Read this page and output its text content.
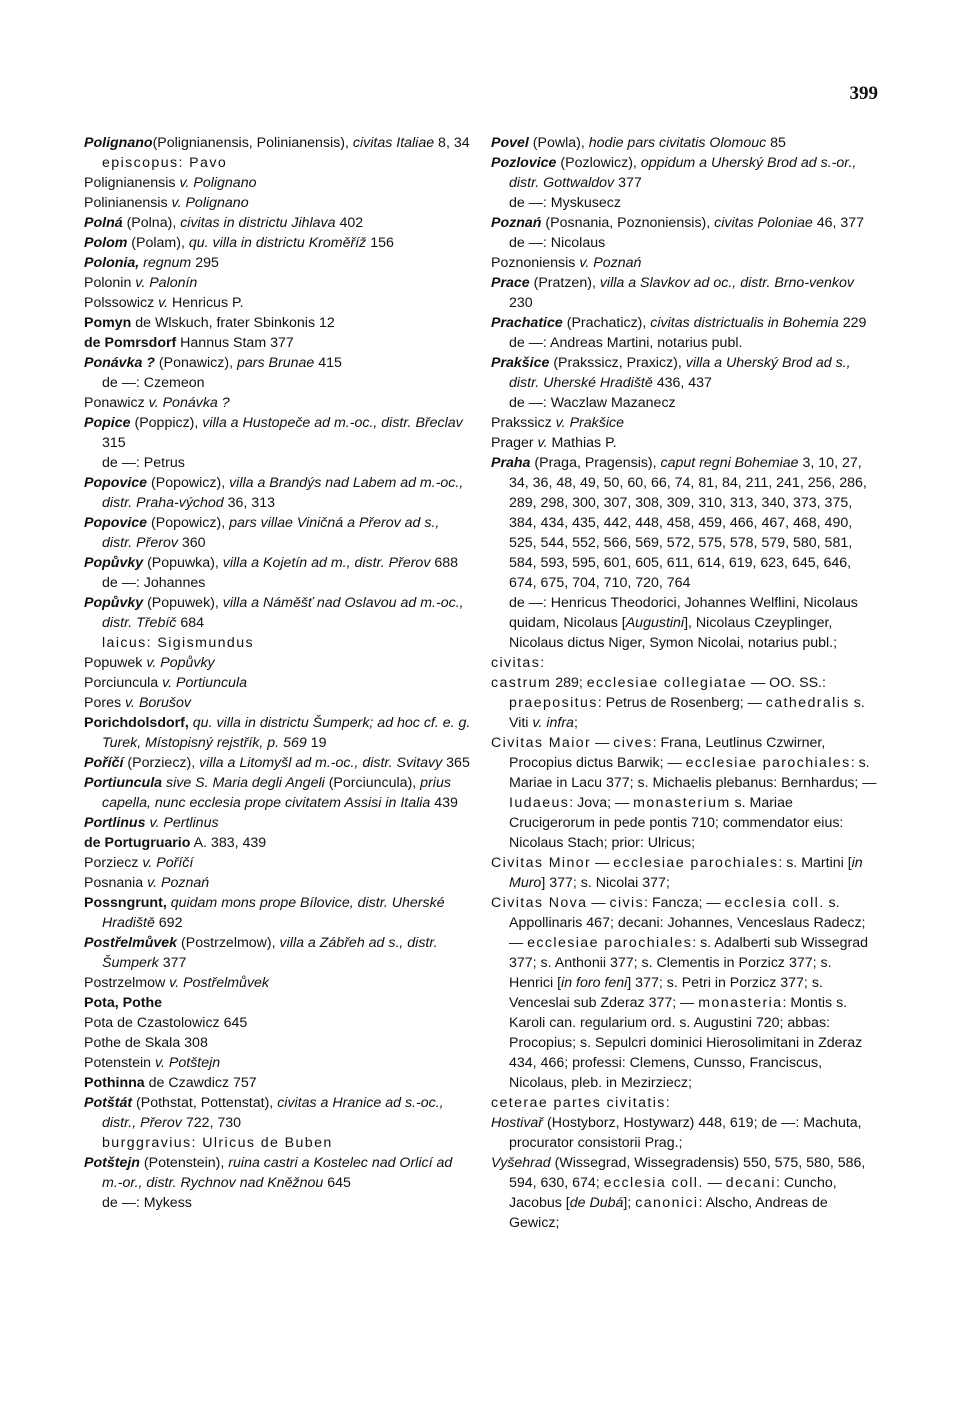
399

Polignano(Polignianensis, Polinianensis), civitas Italiae 8, 34

episcopus: Pavo

Polignianensis v. Polignano

Polinianensis v. Polignano

Polná (Polna), civitas in districtu Jihlava 402

Polom (Polam), qu. villa in districtu Kroměříž 156

Polonia, regnum 295

Polonin v. Palonín

Polssowicz v. Henricus P.

Pomyn de Wlskuch, frater Sbinkonis 12

de Pomrsdorf Hannus Stam 377

Ponávka ? (Ponawicz), pars Brunae 415

de —: Czemeon

Ponawicz v. Ponávka ?

Popice (Poppicz), villa a Hustopeče ad m.-oc., distr. Břeclav 315

de —: Petrus

Popovice (Popowicz), villa a Brandýs nad Labem ad m.-oc., distr. Praha-východ 36, 313

Popovice (Popowicz), pars villae Viničná a Přerov ad s., distr. Přerov 360

Popůvky (Popuwka), villa a Kojetín ad m., distr. Přerov 688

de —: Johannes

Popůvky (Popuwek), villa a Náměšť nad Oslavou ad m.-oc., distr. Třebíč 684

laicus: Sigismundus

Popuwek v. Popůvky

Porciuncula v. Portiuncula

Pores v. Borušov

Porichdolsdorf, qu. villa in districtu Šumperk; ad hoc cf. e. g. Turek, Místopisný rejstřík, p. 569 19

Poříčí (Porziecz), villa a Litomyšl ad m.-oc., distr. Svitavy 365

Portiuncula sive S. Maria degli Angeli (Porciuncula), prius capella, nunc ecclesia prope civitatem Assisi in Italia 439

Portlinus v. Pertlinus

de Portugruario A. 383, 439

Porziecz v. Poříčí

Posnania v. Poznań

Possngrunt, quidam mons prope Bílovice, distr. Uherské Hradiště 692

Postřelmůvek (Postrzelmow), villa a Zábřeh ad s., distr. Šumperk 377

Postrzelmow v. Postřelmůvek

Pota, Pothe

Pota de Czastolowicz 645

Pothe de Skala 308

Potenstein v. Potštejn

Pothinna de Czawdicz 757

Potštát (Pothstat, Pottenstat), civitas a Hranice ad s.-oc., distr., Přerov 722, 730

burggravius: Ulricus de Buben

Potštejn (Potenstein), ruina castri a Kostelec nad Orlicí ad m.-or., distr. Rychnov nad Kněžnou 645

de —: Mykess

Povel (Powla), hodie pars civitatis Olomouc 85

Pozlovice (Pozlowicz), oppidum a Uherský Brod ad s.-or., distr. Gottwaldov 377

de —: Myskusecz

Poznań (Posnania, Poznoniensis), civitas Poloniae 46, 377

de —: Nicolaus

Poznoniensis v. Poznań

Prace (Pratzen), villa a Slavkov ad oc., distr. Brno-venkov 230

Prachatice (Prachaticz), civitas districtualis in Bohemia 229

de —: Andreas Martini, notarius publ.

Prakšice (Prakssicz, Praxicz), villa a Uherský Brod ad s., distr. Uherské Hradiště 436, 437

de —: Waczlaw Mazanecz

Prakssicz v. Prakšice

Prager v. Mathias P.

Praha (Praga, Pragensis), caput regni Bohemiae 3, 10, 27, 34, 36, 48, 49, 50, 60, 66, 74, 81, 84, 211, 241, 256, 286, 289, 298, 300, 307, 308, 309, 310, 313, 340, 373, 375, 384, 434, 435, 442, 448, 458, 459, 466, 467, 468, 490, 525, 544, 552, 566, 569, 572, 575, 578, 579, 580, 581, 584, 593, 595, 601, 605, 611, 614, 619, 623, 645, 646, 674, 675, 704, 710, 720, 764

de —: Henricus Theodorici, Johannes Welflini, Nicolaus quidam, Nicolaus [Augustini], Nicolaus Czeyplinger, Nicolaus dictus Niger, Symon Nicolai, notarius publ.;

civitas:

castrum 289; ecclesiae collegiatae — OO. SS.: praepositus: Petrus de Rosenberg; — cathedralis s. Viti v. infra;

Civitas Maior — cives: Frana, Leutlinus Czwirner, Procopius dictus Barwik; — ecclesiae parochiales: s. Mariae in Lacu 377; s. Michaelis plebanus: Bernhardus; — Iudaeus: Jova; — monasterium s. Mariae Crucigerorum in pede pontis 710; commendator eius: Nicolaus Stach; prior: Ulricus;

Civitas Minor — ecclesiae parochiales: s. Martini [in Muro] 377; s. Nicolai 377;

Civitas Nova — civis: Fancza; — ecclesia coll. s. Appollinaris 467; decani: Johannes, Venceslaus Radecz; — ecclesiae parochiales: s. Adalberti sub Wissegrad 377; s. Anthonii 377; s. Clementis in Porzicz 377; s. Henrici [in foro feni] 377; s. Petri in Porzicz 377; s. Venceslai sub Zderaz 377; — monasteria: Montis s. Karoli can. regularium ord. s. Augustini 720; abbas: Procopius; s. Sepulcri dominici Hierosolimitani in Zderaz 434, 466; professi: Clemens, Cunsso, Franciscus, Nicolaus, pleb. in Mezirziecz;

ceterae partes civitatis:

Hostivař (Hostyborz, Hostywarz) 448, 619; de —: Machuta, procurator consistorii Prag.;

Vyšehrad (Wissegrad, Wissegradensis) 550, 575, 580, 586, 594, 630, 674; ecclesia coll. — decani: Cuncho, Jacobus [de Dubá]; canonici: Alscho, Andreas de Gewicz;
